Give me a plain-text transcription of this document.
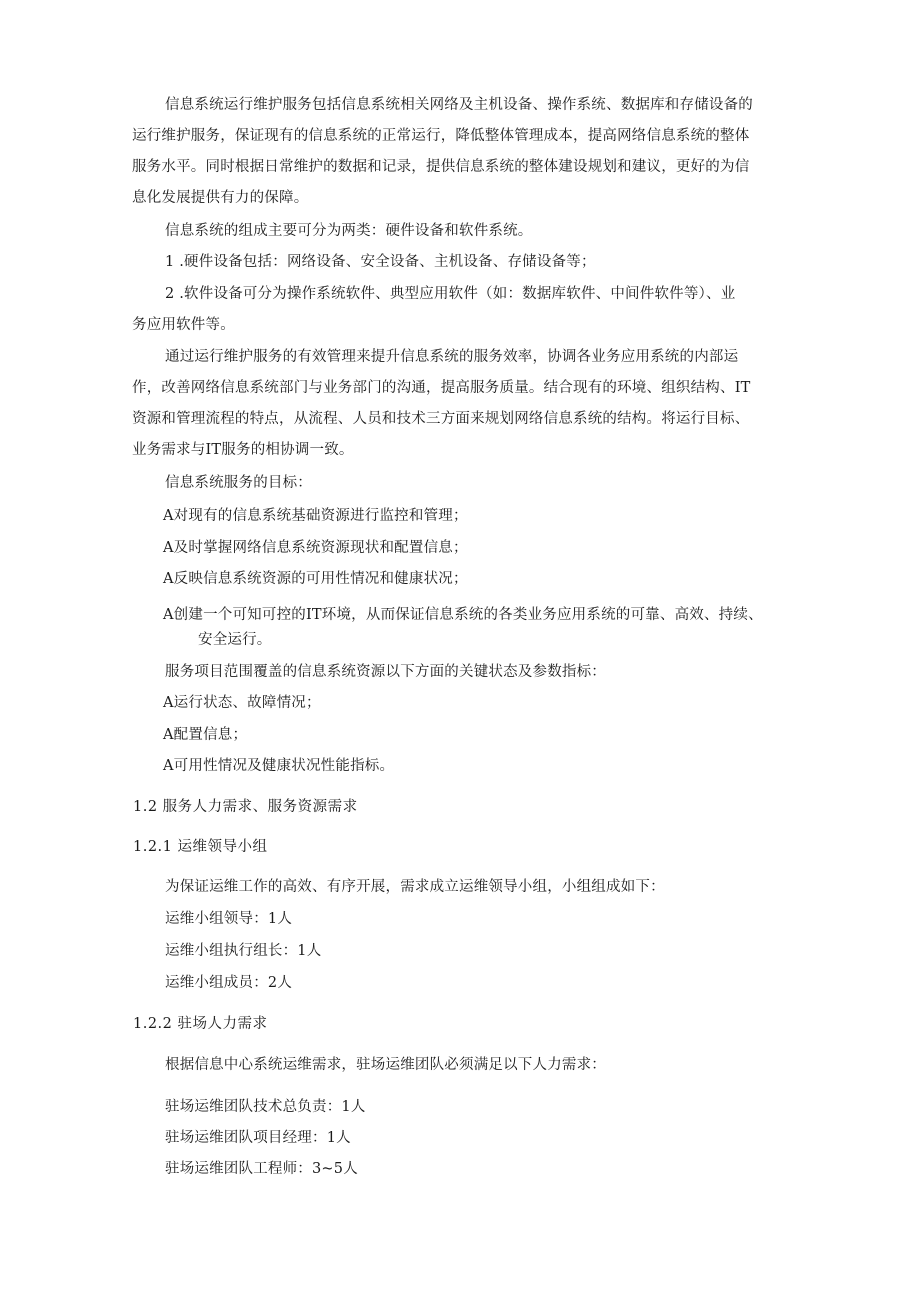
信息系统运行维护服务包括信息系统相关网络及主机设备、操作系统、数据库和存储设备的

运行维护服务，保证现有的信息系统的正常运行，降低整体管理成本，提高网络信息系统的整体

服务水平。同时根据日常维护的数据和记录，提供信息系统的整体建设规划和建议，更好的为信

息化发展提供有力的保障。

信息系统的组成主要可分为两类：硬件设备和软件系统。

1 .硬件设备包括：网络设备、安全设备、主机设备、存储设备等；

2 .软件设备可分为操作系统软件、典型应用软件（如：数据库软件、中间件软件等）、业

务应用软件等。

通过运行维护服务的有效管理来提升信息系统的服务效率，协调各业务应用系统的内部运

作，改善网络信息系统部门与业务部门的沟通，提高服务质量。结合现有的环境、组织结构、IT

资源和管理流程的特点，从流程、人员和技术三方面来规划网络信息系统的结构。将运行目标、

业务需求与IT服务的相协调一致。

信息系统服务的目标：

A对现有的信息系统基础资源进行监控和管理；

A及时掌握网络信息系统资源现状和配置信息；

A反映信息系统资源的可用性情况和健康状况；

A创建一个可知可控的IT环境，从而保证信息系统的各类业务应用系统的可靠、高效、持续、

安全运行。

服务项目范围覆盖的信息系统资源以下方面的关键状态及参数指标：

A运行状态、故障情况；

A配置信息；

A可用性情况及健康状况性能指标。

1.2 服务人力需求、服务资源需求

1.2.1 运维领导小组

为保证运维工作的高效、有序开展，需求成立运维领导小组，小组组成如下：

运维小组领导：1人

运维小组执行组长：1人

运维小组成员：2人

1.2.2 驻场人力需求

根据信息中心系统运维需求，驻场运维团队必须满足以下人力需求：

驻场运维团队技术总负责：1人

驻场运维团队项目经理：1人

驻场运维团队工程师：3~5人
